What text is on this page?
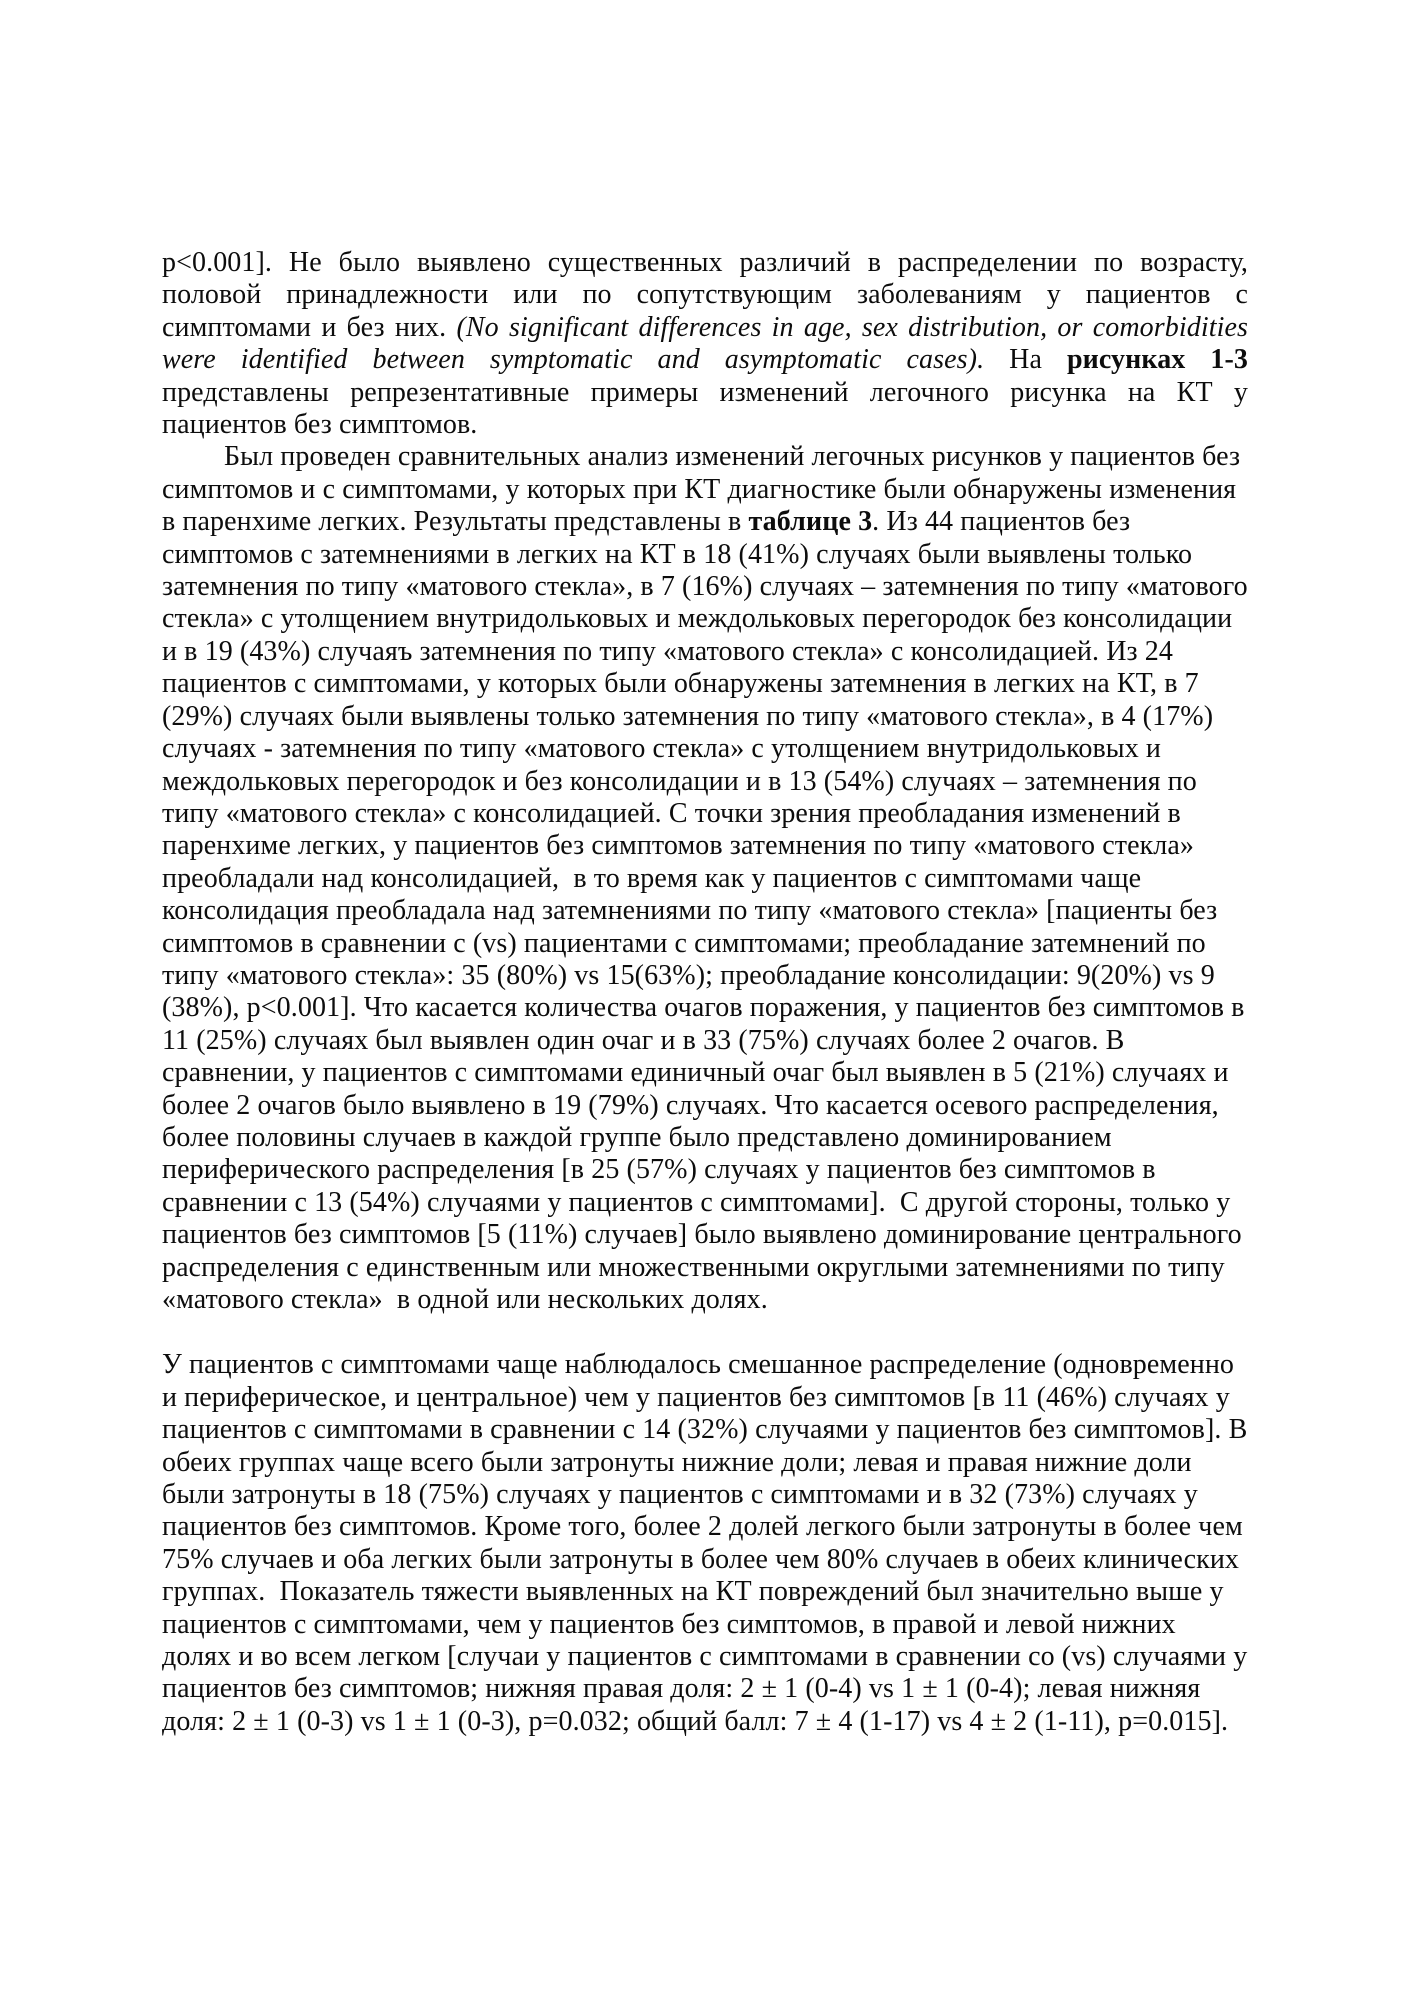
p<0.001]. Не было выявлено существенных различий в распределении по возрасту, половой принадлежности или по сопутствующим заболеваниям у пациентов с симптомами и без них. (No significant differences in age, sex distribution, or comorbidities were identified between symptomatic and asymptomatic cases). На рисунках 1-3 представлены репрезентативные примеры изменений легочного рисунка на КТ у пациентов без симптомов.

Был проведен сравнительных анализ изменений легочных рисунков у пациентов без симптомов и с симптомами, у которых при КТ диагностике были обнаружены изменения в паренхиме легких. Результаты представлены в таблице 3. Из 44 пациентов без симптомов с затемнениями в легких на КТ в 18 (41%) случаях были выявлены только затемнения по типу «матового стекла», в 7 (16%) случаях – затемнения по типу «матового стекла» с утолщением внутридольковых и междольковых перегородок без консолидации и в 19 (43%) случаяъ затемнения по типу «матового стекла» с консолидацией. Из 24 пациентов с симптомами, у которых были обнаружены затемнения в легких на КТ, в 7 (29%) случаях были выявлены только затемнения по типу «матового стекла», в 4 (17%) случаях - затемнения по типу «матового стекла» с утолщением внутридольковых и междольковых перегородок и без консолидации и в 13 (54%) случаях – затемнения по типу «матового стекла» с консолидацией. С точки зрения преобладания изменений в паренхиме легких, у пациентов без симптомов затемнения по типу «матового стекла» преобладали над консолидацией,  в то время как у пациентов с симптомами чаще консолидация преобладала над затемнениями по типу «матового стекла» [пациенты без симптомов в сравнении с (vs) пациентами с симптомами; преобладание затемнений по типу «матового стекла»: 35 (80%) vs 15(63%); преобладание консолидации: 9(20%) vs 9 (38%), p<0.001]. Что касается количества очагов поражения, у пациентов без симптомов в 11 (25%) случаях был выявлен один очаг и в 33 (75%) случаях более 2 очагов. В сравнении, у пациентов с симптомами единичный очаг был выявлен в 5 (21%) случаях и более 2 очагов было выявлено в 19 (79%) случаях. Что касается осевого распределения, более половины случаев в каждой группе было представлено доминированием периферического распределения [в 25 (57%) случаях у пациентов без симптомов в сравнении с 13 (54%) случаями у пациентов с симптомами].  С другой стороны, только у пациентов без симптомов [5 (11%) случаев] было выявлено доминирование центрального распределения с единственным или множественными округлыми затемнениями по типу «матового стекла»  в одной или нескольких долях.

У пациентов с симптомами чаще наблюдалось смешанное распределение (одновременно и периферическое, и центральное) чем у пациентов без симптомов [в 11 (46%) случаях у пациентов с симптомами в сравнении с 14 (32%) случаями у пациентов без симптомов]. В обеих группах чаще всего были затронуты нижние доли; левая и правая нижние доли были затронуты в 18 (75%) случаях у пациентов с симптомами и в 32 (73%) случаях у пациентов без симптомов. Кроме того, более 2 долей легкого были затронуты в более чем 75% случаев и оба легких были затронуты в более чем 80% случаев в обеих клинических группах.  Показатель тяжести выявленных на КТ повреждений был значительно выше у пациентов с симптомами, чем у пациентов без симптомов, в правой и левой нижних долях и во всем легком [случаи у пациентов с симптомами в сравнении со (vs) случаями у пациентов без симптомов; нижняя правая доля: 2 ± 1 (0-4) vs 1 ± 1 (0-4); левая нижняя доля: 2 ± 1 (0-3) vs 1 ± 1 (0-3), p=0.032; общий балл: 7 ± 4 (1-17) vs 4 ± 2 (1-11), p=0.015].
